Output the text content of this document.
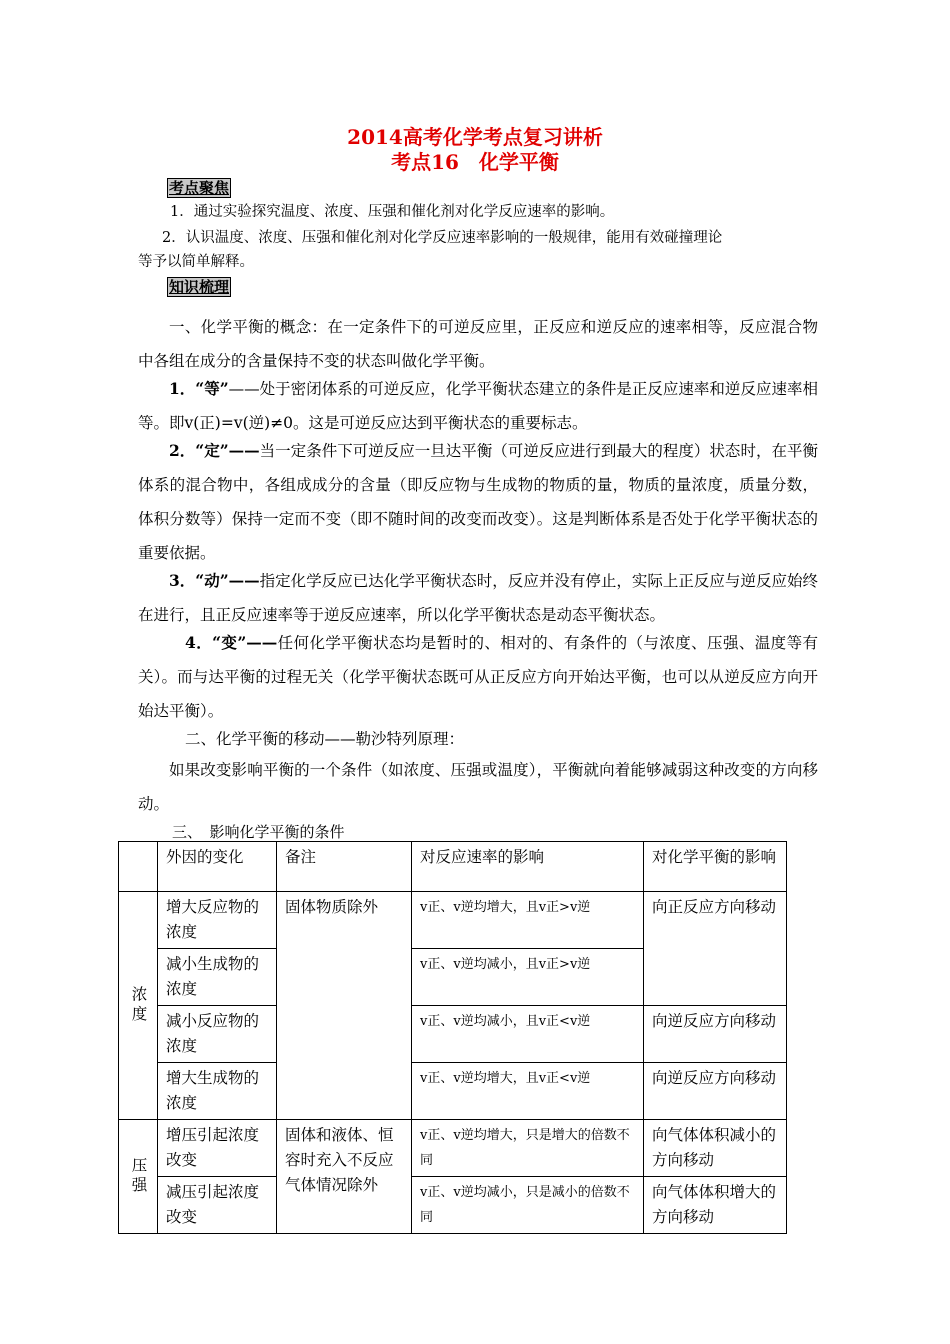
2014高考化学考点复习讲析
考点16　化学平衡
考点聚焦
1．通过实验探究温度、浓度、压强和催化剂对化学反应速率的影响。
2．认识温度、浓度、压强和催化剂对化学反应速率影响的一般规律，能用有效碰撞理论
等予以简单解释。
知识梳理
一、化学平衡的概念：在一定条件下的可逆反应里，正反应和逆反应的速率相等，反应混合物中各组在成分的含量保持不变的状态叫做化学平衡。
1．“等”——处于密闭体系的可逆反应，化学平衡状态建立的条件是正反应速率和逆反应速率相等。即v(正)=v(逆)≠0。这是可逆反应达到平衡状态的重要标志。
2．“定”——当一定条件下可逆反应一旦达平衡（可逆反应进行到最大的程度）状态时，在平衡体系的混合物中，各组成成分的含量（即反应物与生成物的物质的量，物质的量浓度，质量分数，体积分数等）保持一定而不变（即不随时间的改变而改变）。这是判断体系是否处于化学平衡状态的重要依据。
3．“动”——指定化学反应已达化学平衡状态时，反应并没有停止，实际上正反应与逆反应始终在进行，且正反应速率等于逆反应速率，所以化学平衡状态是动态平衡状态。
4．“变”——任何化学平衡状态均是暂时的、相对的、有条件的（与浓度、压强、温度等有关）。而与达平衡的过程无关（化学平衡状态既可从正反应方向开始达平衡，也可以从逆反应方向开始达平衡）。
二、化学平衡的移动——勒沙特列原理：
如果改变影响平衡的一个条件（如浓度、压强或温度），平衡就向着能够减弱这种改变的方向移动。
三、　影响化学平衡的条件
	外因的变化	备注	对反应速率的影响	对化学平衡的影响
浓度	增大反应物的浓度	固体物质除外	v正、v逆均增大，且v正>v逆	向正反应方向移动
	减小生成物的浓度		v正、v逆均减小，且v正>v逆	
	减小反应物的浓度		v正、v逆均减小，且v正<v逆	向逆反应方向移动
	增大生成物的浓度		v正、v逆均增大，且v正<v逆	向逆反应方向移动
压强	增压引起浓度改变	固体和液体、恒容时充入不反应气体情况除外	v正、v逆均增大，只是增大的倍数不同	向气体体积减小的方向移动
	减压引起浓度改变		v正、v逆均减小，只是减小的倍数不同	向气体体积增大的方向移动
